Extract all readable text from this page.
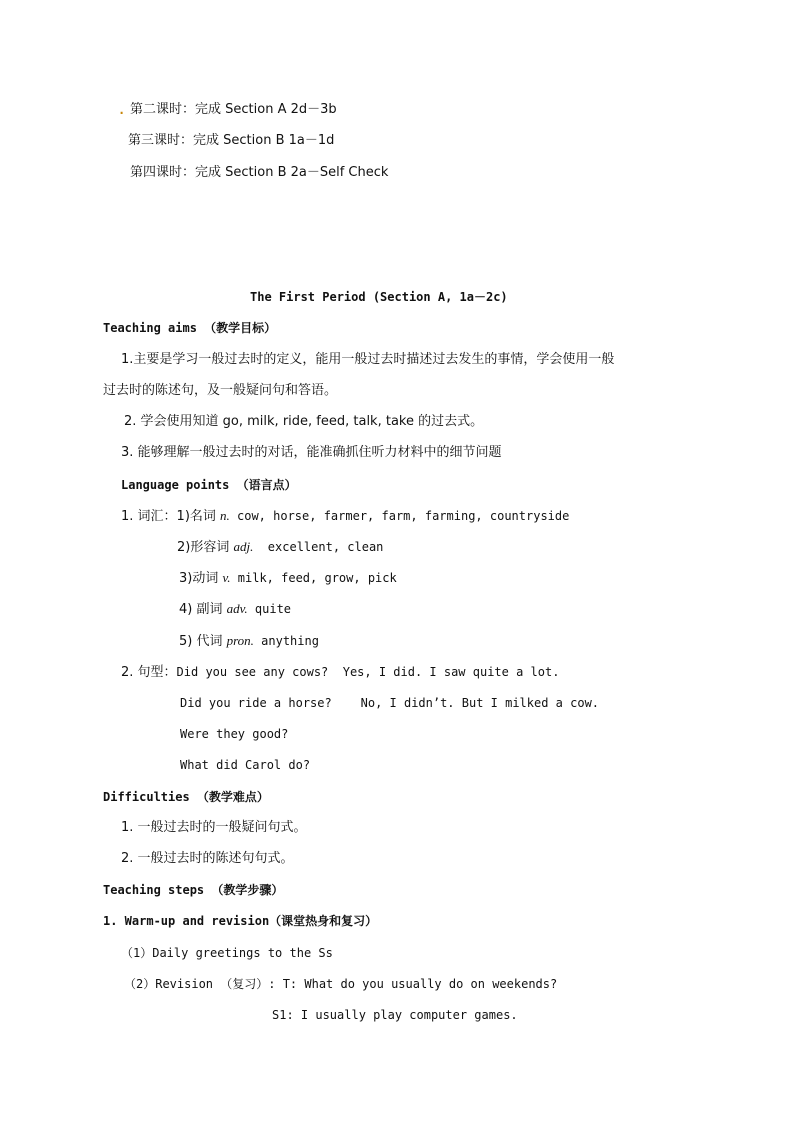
. 第二课时：完成 Section A 2d－3b
第三课时：完成 Section B 1a－1d
第四课时：完成 Section B 2a－Self Check
The First Period (Section A, 1a－2c)
Teaching aims （教学目标）
1.主要是学习一般过去时的定义，能用一般过去时描述过去发生的事情，学会使用一般
过去时的陈述句，及一般疑问句和答语。
2. 学会使用知道 go, milk, ride, feed, talk, take 的过去式。
3. 能够理解一般过去时的对话，能准确抓住听力材料中的细节问题
Language points （语言点）
1. 词汇：1)名词 n. cow, horse, farmer, farm, farming, countryside
2)形容词 adj.  excellent, clean
3)动词 v. milk, feed, grow, pick
4) 副词 adv. quite
5) 代词 pron. anything
2. 句型：Did you see any cows?  Yes, I did. I saw quite a lot.
Did you ride a horse?    No, I didn’t. But I milked a cow.
Were they good?
What did Carol do?
Difficulties （教学难点）
1. 一般过去时的一般疑问句式。
2. 一般过去时的陈述句句式。
Teaching steps （教学步骤）
1. Warm-up and revision（课堂热身和复习）
（1）Daily greetings to the Ss
（2）Revision （复习）: T: What do you usually do on weekends?
S1: I usually play computer games.
